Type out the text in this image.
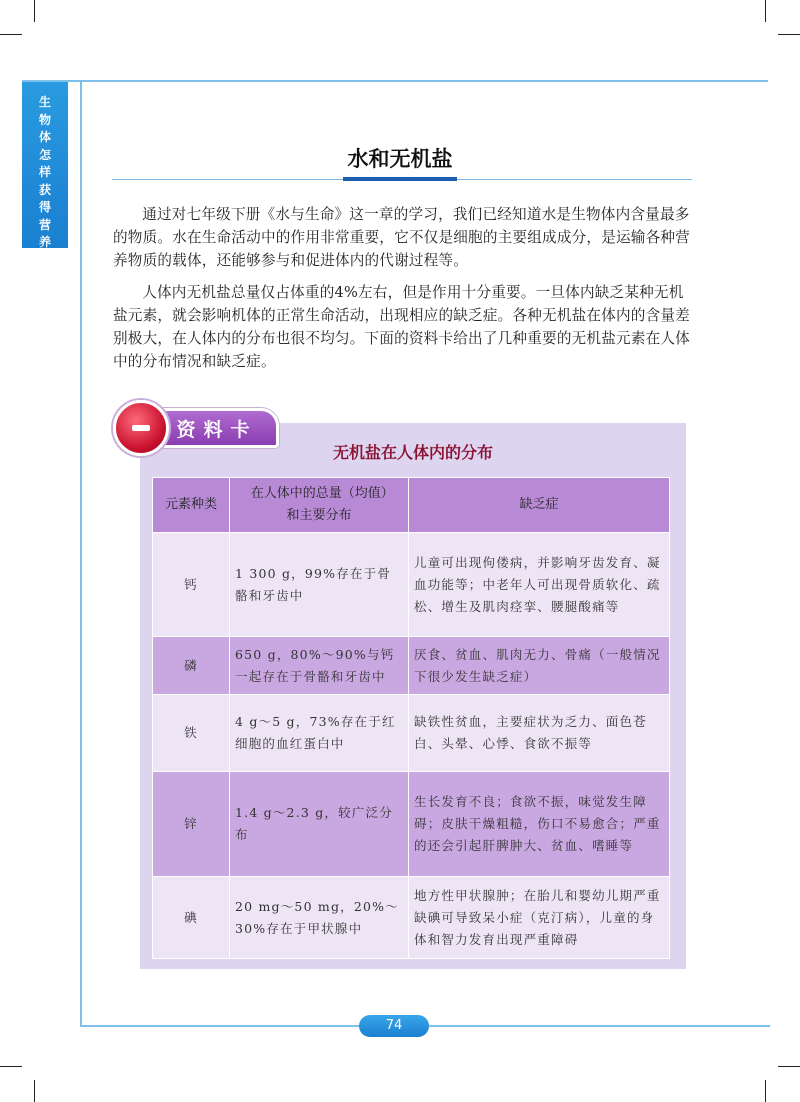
生
物
体
怎
样
获
得
营
养
水和无机盐
通过对七年级下册《水与生命》这一章的学习，我们已经知道水是生物体内含量最多的物质。水在生命活动中的作用非常重要，它不仅是细胞的主要组成成分，是运输各种营养物质的载体，还能够参与和促进体内的代谢过程等。
人体内无机盐总量仅占体重的4%左右，但是作用十分重要。一旦体内缺乏某种无机盐元素，就会影响机体的正常生命活动，出现相应的缺乏症。各种无机盐在体内的含量差别极大，在人体内的分布也很不均匀。下面的资料卡给出了几种重要的无机盐元素在人体中的分布情况和缺乏症。
资料卡
无机盐在人体内的分布
元素种类	在人体中的总量（均值）和主要分布	缺乏症
钙	1 300 g，99%存在于骨骼和牙齿中	儿童可出现佝偻病，并影响牙齿发育、凝血功能等；中老年人可出现骨质软化、疏松、增生及肌肉痉挛、腰腿酸痛等
磷	650 g，80%～90%与钙一起存在于骨骼和牙齿中	厌食、贫血、肌肉无力、骨痛（一般情况下很少发生缺乏症）
铁	4 g～5 g，73%存在于红细胞的血红蛋白中	缺铁性贫血，主要症状为乏力、面色苍白、头晕、心悸、食欲不振等
锌	1.4 g～2.3 g，较广泛分布	生长发育不良；食欲不振，味觉发生障碍；皮肤干燥粗糙，伤口不易愈合；严重的还会引起肝脾肿大、贫血、嗜睡等
碘	20 mg～50 mg，20%～30%存在于甲状腺中	地方性甲状腺肿；在胎儿和婴幼儿期严重缺碘可导致呆小症（克汀病），儿童的身体和智力发育出现严重障碍
74
